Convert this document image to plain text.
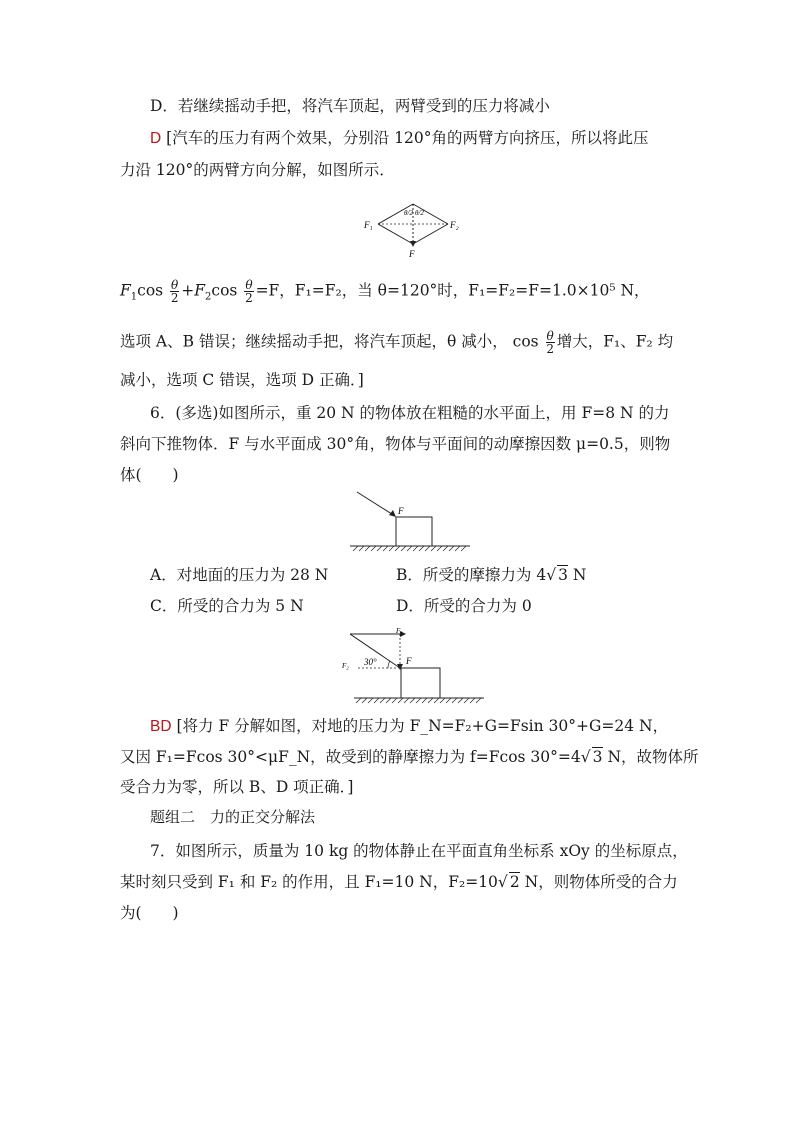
D．若继续摇动手把，将汽车顶起，两臂受到的压力将减小
D [汽车的压力有两个效果，分别沿 120°角的两臂方向挤压，所以将此压
力沿 120°的两臂方向分解，如图所示．
F₁	F₂
F
θ/2 θ/2
$F_1\cos \frac{\theta}{2} +F_2\cos \frac{\theta}{2} =F$，F₁=F₂，当 θ=120°时，F₁=F₂=F=1.0×10⁵ N，
选项 A、B 错误；继续摇动手把，将汽车顶起，θ 减小， $\cos \frac{\theta}{2}$ 增大，F₁、F₂ 均
减小，选项 C 错误，选项 D 正确．]
6．(多选)如图所示，重 20 N 的物体放在粗糙的水平面上，用 F=8 N 的力
斜向下推物体．F 与水平面成 30°角，物体与平面间的动摩擦因数 μ=0.5，则物
体(　　)
F
A．对地面的压力为 28 N	B．所受的摩擦力为 4√ 3 N
C．所受的合力为 5 N	D．所受的合力为 0
F₁
F₂	F
30°
BD [将力 F 分解如图，对地的压力为 F_N=F₂+G=Fsin 30°+G=24 N，
又因 F₁=Fcos 30°<μF_N，故受到的静摩擦力为 f=Fcos 30°=4√ 3 N，故物体所
受合力为零，所以 B、D 项正确．]
题组二　力的正交分解法
7．如图所示，质量为 10 kg 的物体静止在平面直角坐标系 xOy 的坐标原点，
某时刻只受到 F₁ 和 F₂ 的作用，且 F₁=10 N，F₂=10√ 2 N，则物体所受的合力
为(　　)
